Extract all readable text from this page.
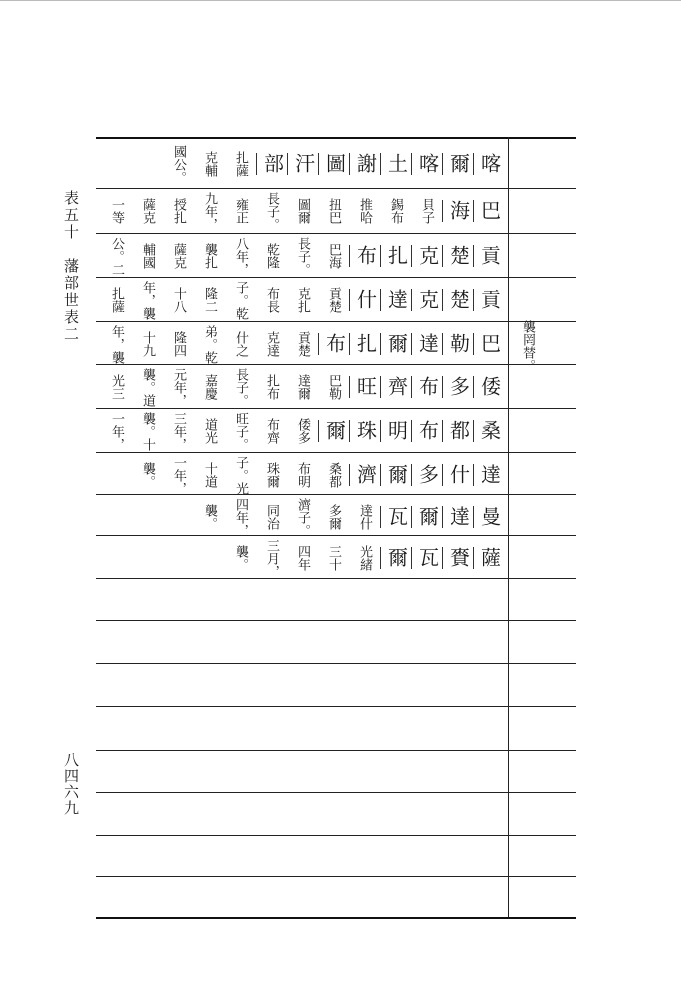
表五十　藩部世表二
八四六九
襲罔替。
喀
爾
喀
土
謝
圖
汗
部
扎薩
克輔
國公。
巴
海
貝子
錫布
推哈
扭巴
圖爾
長子。
雍正
九年，
授扎
薩克
一等
貢
楚
克
扎
布
巴海
長子。
乾隆
八年，
襲扎
薩克
輔國
公。二
貢
楚
克
達
什
貢楚
克扎
布長
子。乾
隆二
十八
年，襲
扎薩
巴
勒
達
爾
扎
布
貢楚
克達
什之
弟。乾
隆四
十九
年，襲
倭
多
布
齊
旺
巴勒
達爾
扎布
長子。
嘉慶
元年，
襲。道
光三
桑
都
布
明
珠
爾
倭多
布齊
旺子。
道光
三年，
襲。十
一年，
達
什
多
爾
濟
桑都
布明
珠爾
子。光
十道
一年，
襲。
曼
達
爾
瓦
達什
多爾
濟子。
同治
四年，
襲。
薩
賚
瓦
爾
光緒
三十
四年
三月，
襲。
